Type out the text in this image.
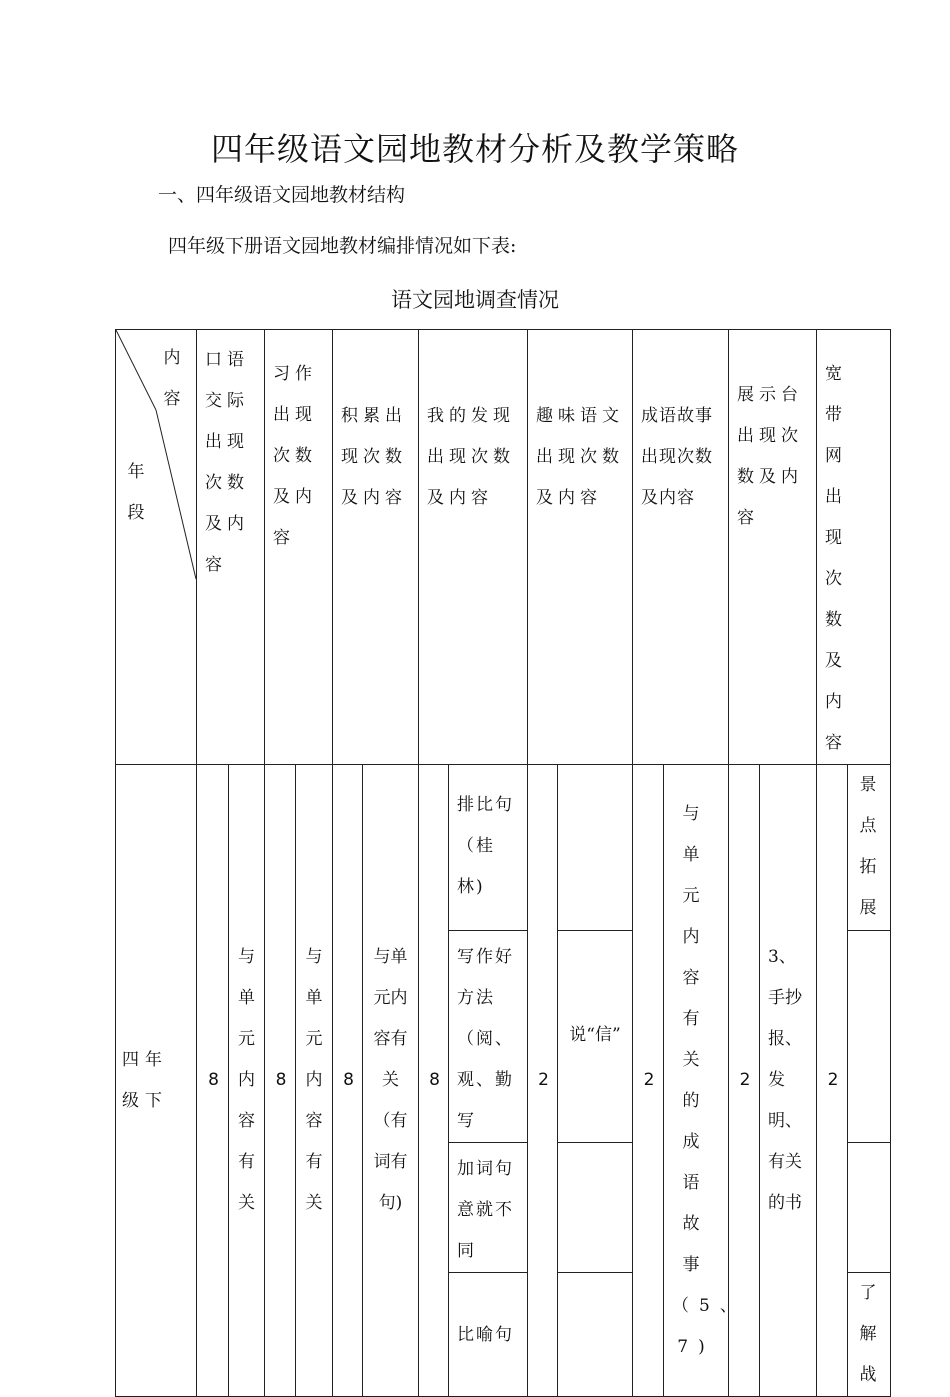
四年级语文园地教材分析及教学策略
一、四年级语文园地教材结构
四年级下册语文园地教材编排情况如下表:
语文园地调查情况
内容
年段	口语交际出现次数及内容		习作出现次数及内容		积累出现次数及内容		我的发现出现次数及内容		趣味语文出现次数及内容		成语故事出现次数及内容		展示台出现次数及内容		宽带网出现次数及内容	
四年级下	8	与单元内容有关	8	与单元内容有关	8	与单元内容有关（有词有句)	8	排比句（桂林)	2		2	与单元内容有关的成语故事（5、7)	2	3、手抄报、发明、有关的书	2	景点拓展
								写作好方法（阅、观、勤写		说“信”						
								加词句意就不同								
								比喻句								了解战
